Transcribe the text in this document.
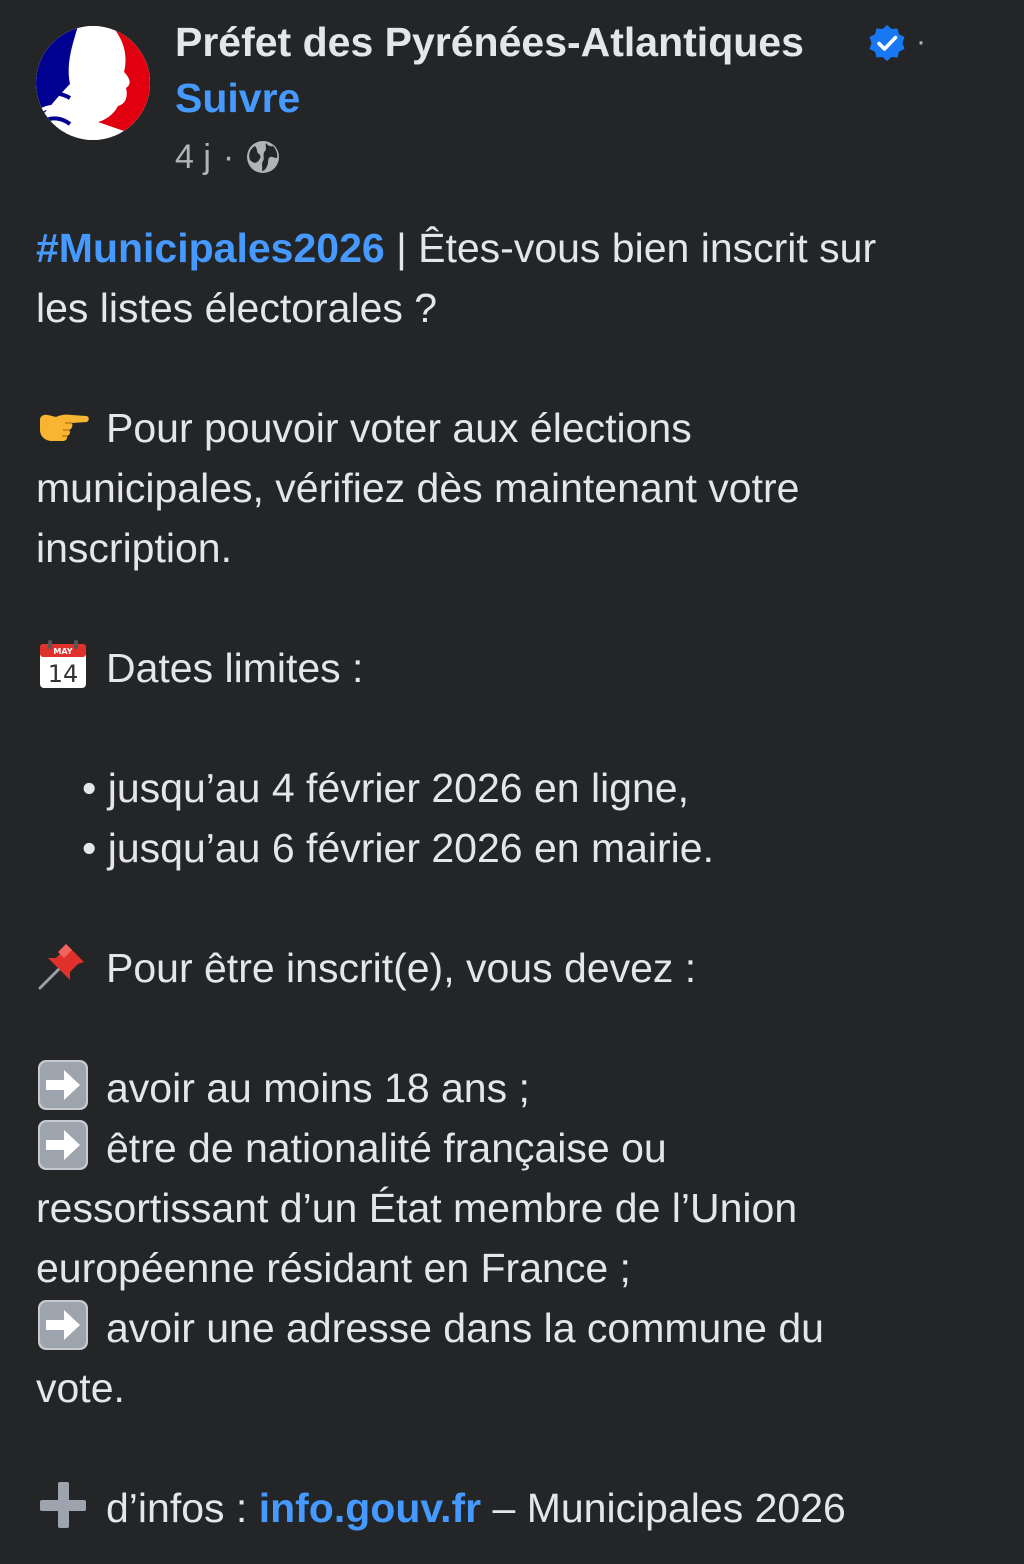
Préfet des Pyrénées-Atlantiques	·
Suivre
4 j ·
#Municipales2026 | Êtes-vous bien inscrit sur
les listes électorales ?
Pour pouvoir voter aux élections
municipales, vérifiez dès maintenant votre
inscription.
MAY
14 Dates limites :
• jusqu’au 4 février 2026 en ligne,
• jusqu’au 6 février 2026 en mairie.
Pour être inscrit(e), vous devez :
avoir au moins 18 ans ;
être de nationalité française ou
ressortissant d’un État membre de l’Union
européenne résidant en France ;
avoir une adresse dans la commune du
vote.
d’infos : info.gouv.fr – Municipales 2026
